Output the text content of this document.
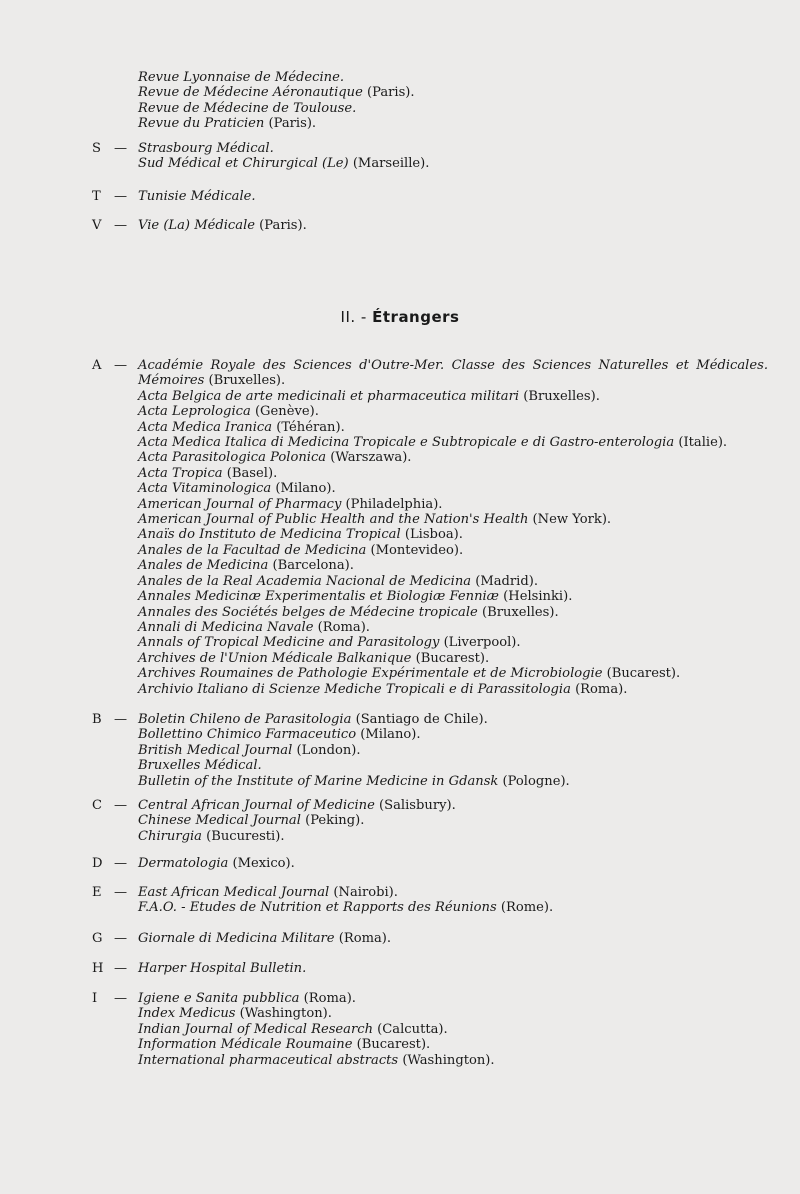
Revue Lyonnaise de Médecine.
Revue de Médecine Aéronautique (Paris).
Revue de Médecine de Toulouse.
Revue du Praticien (Paris).
S — Strasbourg Médical.
Sud Médical et Chirurgical (Le) (Marseille).
T — Tunisie Médicale.
V — Vie (La) Médicale (Paris).
II. - Étrangers
A — Académie Royale des Sciences d'Outre-Mer. Classe des Sciences Naturelles et Médicales. Mémoires (Bruxelles).
Acta Belgica de arte medicinali et pharmaceutica militari (Bruxelles).
Acta Leprologica (Genève).
Acta Medica Iranica (Téhéran).
Acta Medica Italica di Medicina Tropicale e Subtropicale e di Gastro-enterologia (Italie).
Acta Parasitologica Polonica (Warszawa).
Acta Tropica (Basel).
Acta Vitaminologica (Milano).
American Journal of Pharmacy (Philadelphia).
American Journal of Public Health and the Nation's Health (New York).
Anaïs do Instituto de Medicina Tropical (Lisboa).
Anales de la Facultad de Medicina (Montevideo).
Anales de Medicina (Barcelona).
Anales de la Real Academia Nacional de Medicina (Madrid).
Annales Medicinæ Experimentalis et Biologiæ Fenniæ (Helsinki).
Annales des Sociétés belges de Médecine tropicale (Bruxelles).
Annali di Medicina Navale (Roma).
Annals of Tropical Medicine and Parasitology (Liverpool).
Archives de l'Union Médicale Balkanique (Bucarest).
Archives Roumaines de Pathologie Expérimentale et de Microbiologie (Bucarest).
Archivio Italiano di Scienze Mediche Tropicali e di Parassitologia (Roma).
B — Boletin Chileno de Parasitologia (Santiago de Chile).
Bollettino Chimico Farmaceutico (Milano).
British Medical Journal (London).
Bruxelles Médical.
Bulletin of the Institute of Marine Medicine in Gdansk (Pologne).
C — Central African Journal of Medicine (Salisbury).
Chinese Medical Journal (Peking).
Chirurgia (Bucuresti).
D — Dermatologia (Mexico).
E — East African Medical Journal (Nairobi).
F.A.O. - Etudes de Nutrition et Rapports des Réunions (Rome).
G — Giornale di Medicina Militare (Roma).
H — Harper Hospital Bulletin.
I — Igiene e Sanita pubblica (Roma).
Index Medicus (Washington).
Indian Journal of Medical Research (Calcutta).
Information Médicale Roumaine (Bucarest).
International pharmaceutical abstracts (Washington).
